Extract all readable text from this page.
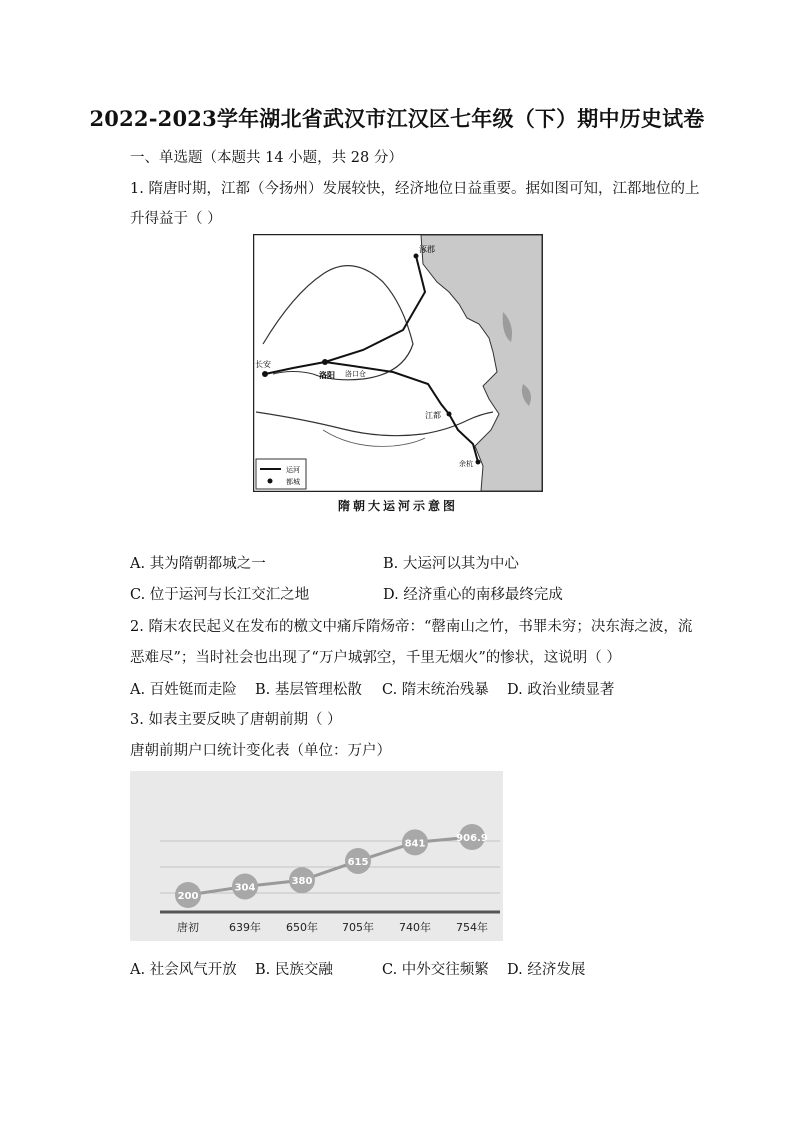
2022-2023学年湖北省武汉市江汉区七年级（下）期中历史试卷
一、单选题（本题共 14 小题，共 28 分）
1. 隋唐时期，江都（今扬州）发展较快，经济地位日益重要。据如图可知，江都地位的上
升得益于（ ）
涿郡
长安
洛阳 洛口仓
江都
余杭
运河
都城
隋朝大运河示意图
A. 其为隋朝都城之一	B. 大运河以其为中心
C. 位于运河与长江交汇之地	D. 经济重心的南移最终完成
2. 隋末农民起义在发布的檄文中痛斥隋炀帝：“罄南山之竹，书罪未穷；决东海之波，流
恶难尽”；当时社会也出现了“万户城郭空，千里无烟火”的惨状，这说明（ ）
A. 百姓铤而走险 B. 基层管理松散 C. 隋末统治残暴 D. 政治业绩显著
3. 如表主要反映了唐朝前期（ ）
唐朝前期户口统计变化表（单位：万户）
200
304
380
615
841	906.9
唐初	639年 650年 705年 740年 754年
A. 社会风气开放 B. 民族交融	C. 中外交往频繁 D. 经济发展
